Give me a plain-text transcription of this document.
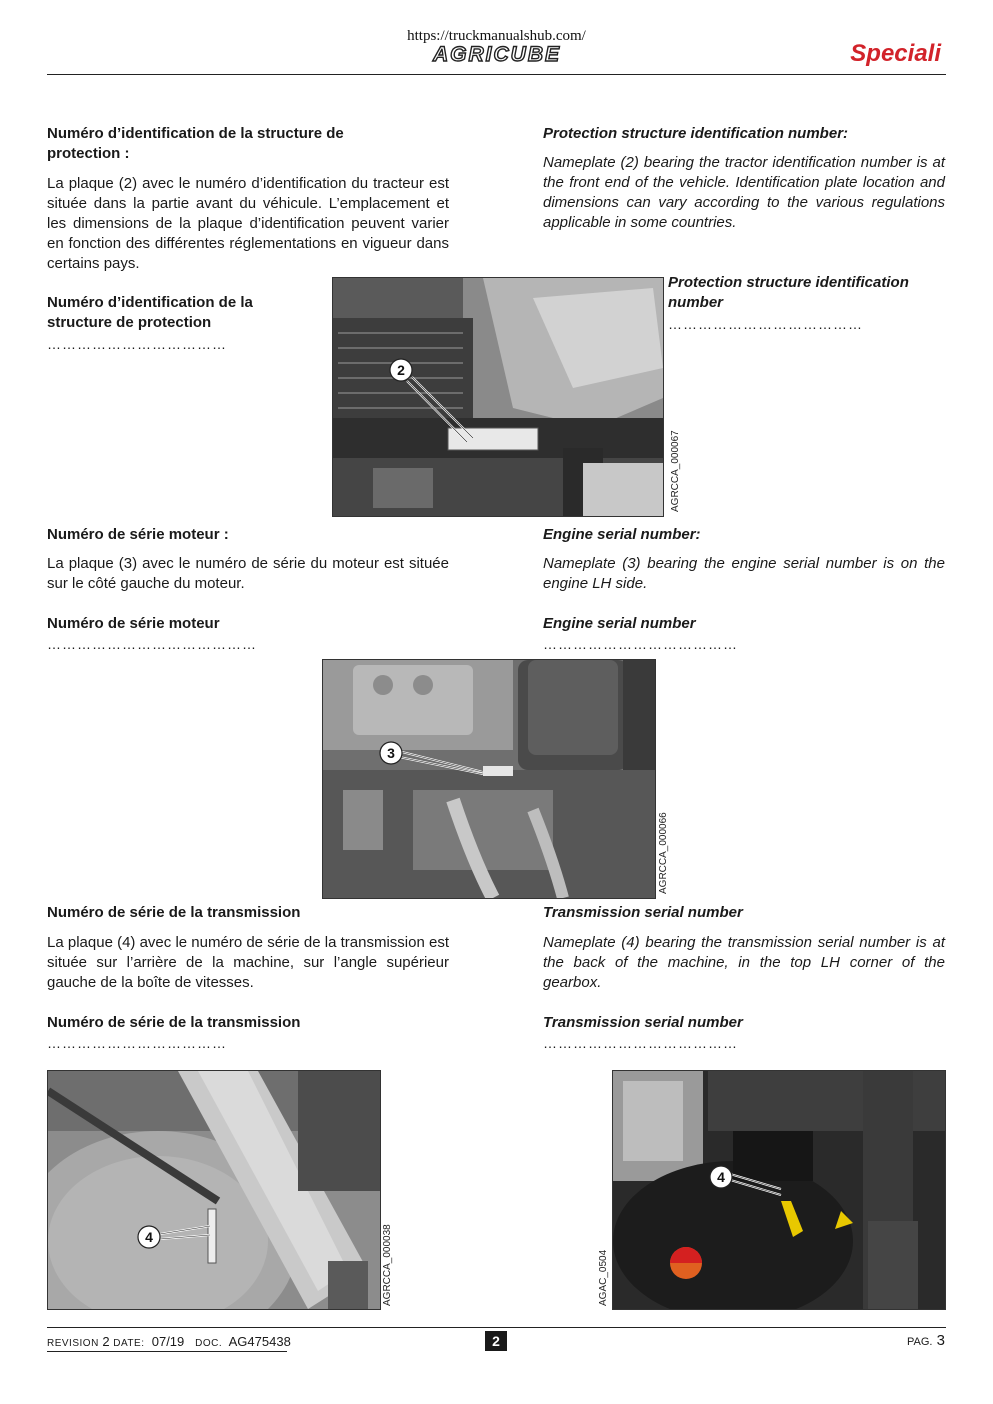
https://truckmanualshub.com/
AGRICUBE	Speciali
Numéro d’identification de la structure de protection :
La plaque (2) avec le numéro d’identification du tracteur est située dans la partie avant du véhicule. L’emplacement et les dimensions de la plaque d’identification peuvent varier en fonction des différentes réglementations en vigueur dans certains pays.
Numéro d’identification de la structure de protection
………………………………
Protection structure identification number:
Nameplate (2) bearing the tractor identification number is at the front end of the vehicle. Identification plate location and dimensions can vary according to the various regulations applicable in some countries.
Protection structure identification number
…………………………………
2
AGRCCA_000067
Numéro de série moteur :
La plaque (3) avec le numéro de série du moteur est située sur le côté gauche du moteur.
Numéro de série moteur
……………………………………
Engine serial number:
Nameplate (3) bearing the engine serial number is on the engine LH side.
Engine serial number
…………………………………
3
AGRCCA_000066
Numéro de série de la transmission
La plaque (4) avec le numéro de série de la transmission est située sur l’arrière de la machine, sur l’angle supérieur gauche de la boîte de vitesses.
Numéro de série de la transmission
………………………………
Transmission serial number
Nameplate (4) bearing the transmission serial number is at the back of the machine, in the top LH corner of the gearbox.
Transmission serial number
…………………………………
4	AGRCCA_000038
4
AGAC_0504
REVISION 2 DATE: 07/19 DOC. AG475438	2	PAG. 3
